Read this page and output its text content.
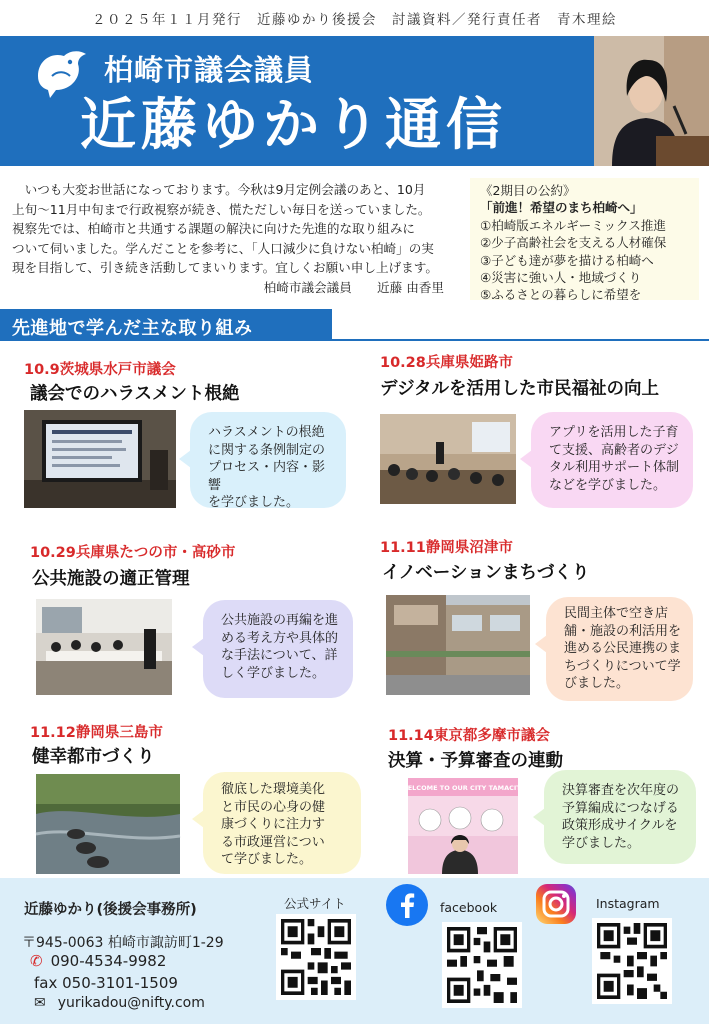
２０２５年１１月発行　近藤ゆかり後援会　討議資料／発行責任者　青木理絵
柏崎市議会議員
近藤ゆかり通信
　いつも大変お世話になっております。今秋は9月定例会議のあと、10月
上旬～11月中旬まで行政視察が続き、慌ただしい毎日を送っていました。
視察先では、柏崎市と共通する課題の解決に向けた先進的な取り組みに
ついて伺いました。学んだことを参考に、「人口減少に負けない柏崎」の実
現を目指して、引き続き活動してまいります。宜しくお願い申し上げます。
柏崎市議会議員　　近藤 由香里
《2期目の公約》
「前進！希望のまち柏崎へ」
①柏崎版エネルギーミックス推進
②少子高齢社会を支える人材確保
③子ども達が夢を描ける柏崎へ
④災害に強い人・地域づくり
⑤ふるさとの暮らしに希望を
先進地で学んだ主な取り組み
10.9茨城県水戸市議会
議会でのハラスメント根絶
ハラスメントの根絶
に関する条例制定の
プロセス・内容・影響
を学びました。
10.28兵庫県姫路市
デジタルを活用した市民福祉の向上
アプリを活用した子育
て支援、高齢者のデジ
タル利用サポート体制
などを学びました。
10.29兵庫県たつの市・高砂市
公共施設の適正管理
公共施設の再編を進
める考え方や具体的
な手法について、詳
しく学びました。
11.11静岡県沼津市
イノベーションまちづくり
民間主体で空き店
舗・施設の利活用を
進める公民連携のま
ちづくりについて学
びました。
11.12静岡県三島市
健幸都市づくり
徹底した環境美化
と市民の心身の健
康づくりに注力す
る市政運営につい
て学びました。
11.14東京都多摩市議会
決算・予算審査の連動
WELCOME TO OUR CITY TAMACITY	決算審査を次年度の
予算編成につなげる
政策形成サイクルを
学びました。
近藤ゆかり(後援会事務所)
〒945-0063 柏崎市諏訪町1-29
✆ 090-4534-9982
fax 050-3101-1509
✉ yurikadou@nifty.com
公式サイト	facebook	Instagram
